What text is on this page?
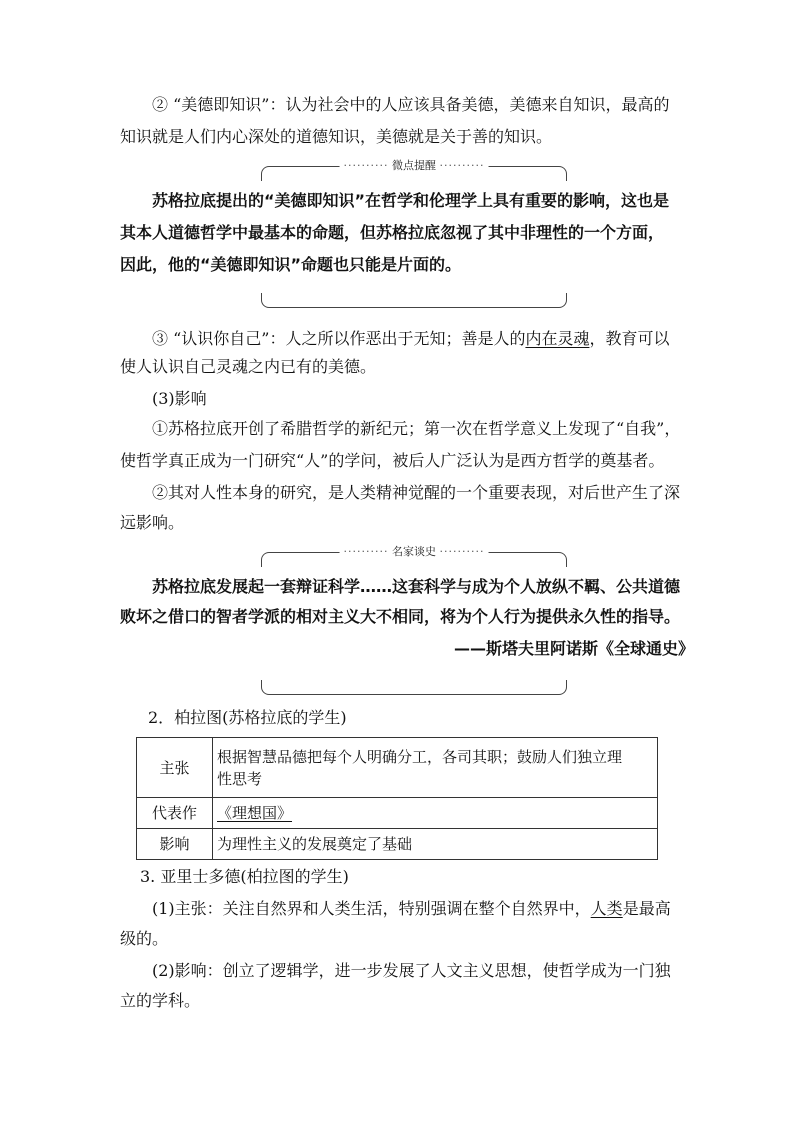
② “美德即知识”：认为社会中的人应该具备美德，美德来自知识，最高的
知识就是人们内心深处的道德知识，美德就是关于善的知识。
·········· 微点提醒 ··········
苏格拉底提出的“美德即知识”在哲学和伦理学上具有重要的影响，这也是
其本人道德哲学中最基本的命题，但苏格拉底忽视了其中非理性的一个方面，
因此，他的“美德即知识”命题也只能是片面的。
③ “认识你自己”：人之所以作恶出于无知；善是人的内在灵魂，教育可以
使人认识自己灵魂之内已有的美德。
(3)影响
①苏格拉底开创了希腊哲学的新纪元；第一次在哲学意义上发现了“自我”，
使哲学真正成为一门研究“人”的学问，被后人广泛认为是西方哲学的奠基者。
②其对人性本身的研究，是人类精神觉醒的一个重要表现，对后世产生了深
远影响。
·········· 名家谈史 ··········
苏格拉底发展起一套辩证科学……这套科学与成为个人放纵不羁、公共道德
败坏之借口的智者学派的相对主义大不相同，将为个人行为提供永久性的指导。
——斯塔夫里阿诺斯《全球通史》
2．柏拉图(苏格拉底的学生)
主张	根据智慧品德把每个人明确分工，各司其职；鼓励人们独立理
性思考

代表作	《理想国》
影响	为理性主义的发展奠定了基础
3. 亚里士多德(柏拉图的学生)
(1)主张：关注自然界和人类生活，特别强调在整个自然界中，人类是最高
级的。
(2)影响：创立了逻辑学，进一步发展了人文主义思想，使哲学成为一门独
立的学科。
